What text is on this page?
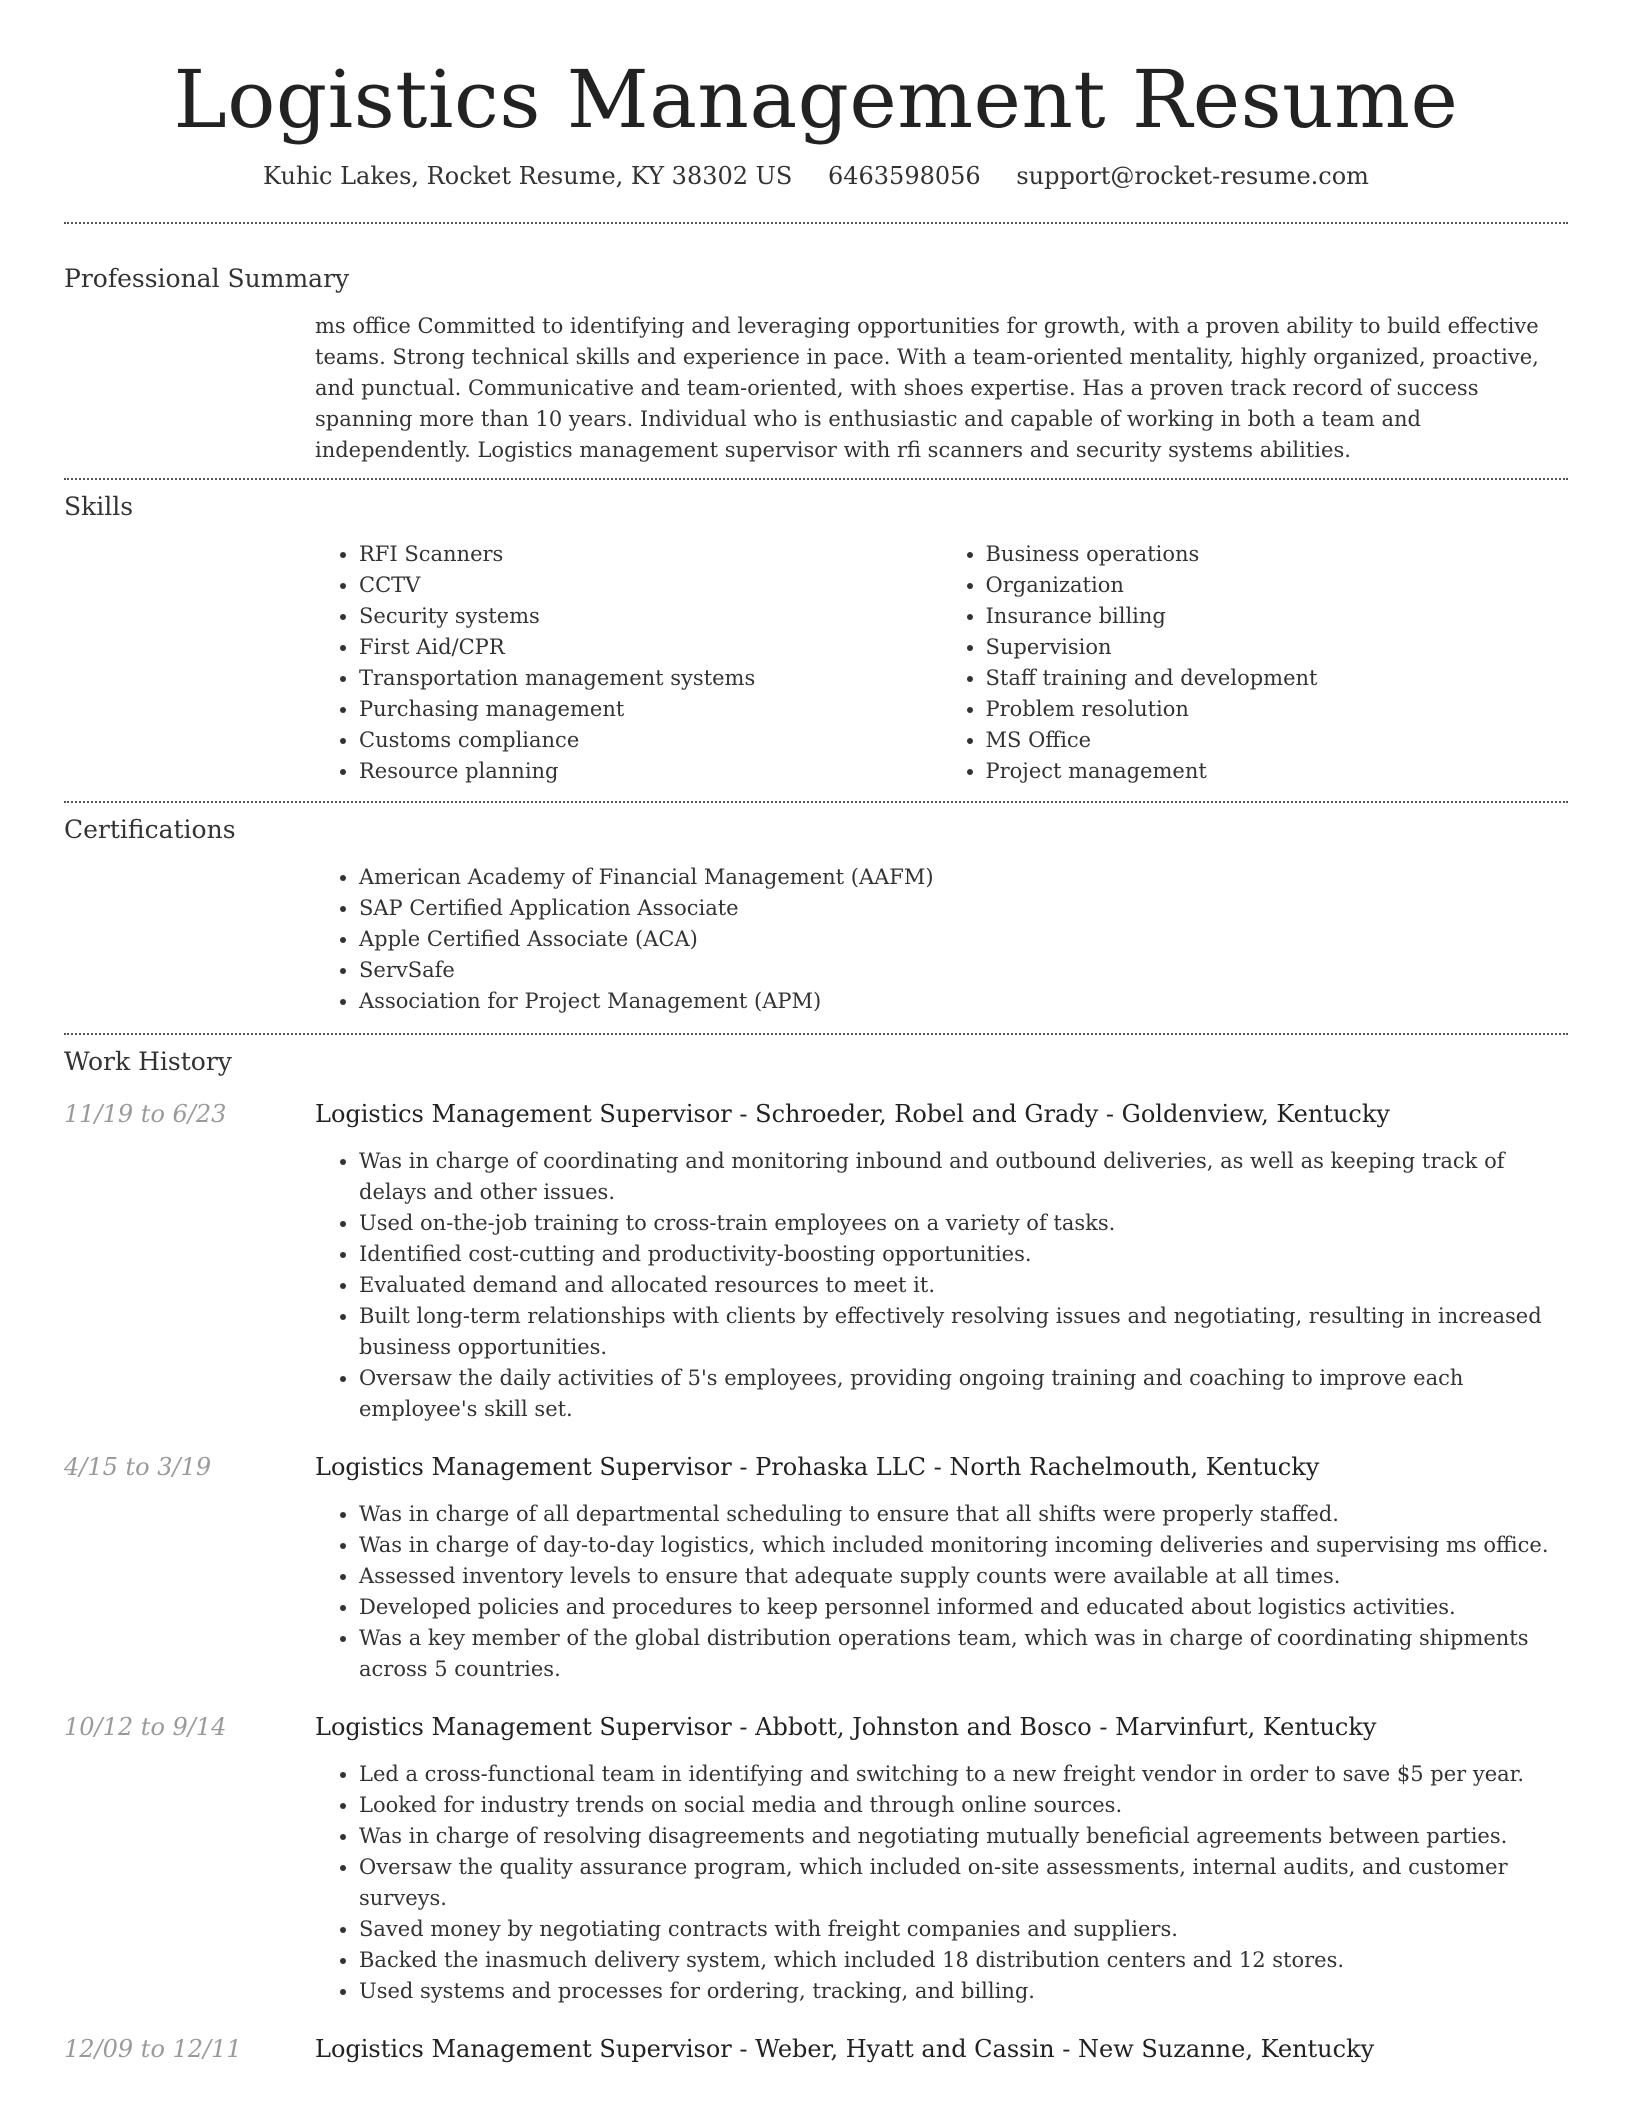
Logistics Management Resume
Kuhic Lakes, Rocket Resume, KY 38302 US 6463598056 support@rocket-resume.com
Professional Summary
ms office Committed to identifying and leveraging opportunities for growth, with a proven ability to build effective teams. Strong technical skills and experience in pace. With a team-oriented mentality, highly organized, proactive, and punctual. Communicative and team-oriented, with shoes expertise. Has a proven track record of success spanning more than 10 years. Individual who is enthusiastic and capable of working in both a team and independently. Logistics management supervisor with rfi scanners and security systems abilities.
Skills
• RFI Scanners
• CCTV
• Security systems
• First Aid/CPR
• Transportation management systems
• Purchasing management
• Customs compliance
• Resource planning
• Business operations
• Organization
• Insurance billing
• Supervision
• Staff training and development
• Problem resolution
• MS Office
• Project management
Certifications
• American Academy of Financial Management (AAFM)
• SAP Certified Application Associate
• Apple Certified Associate (ACA)
• ServSafe
• Association for Project Management (APM)
Work History
11/19 to 6/23	Logistics Management Supervisor - Schroeder, Robel and Grady - Goldenview, Kentucky
• Was in charge of coordinating and monitoring inbound and outbound deliveries, as well as keeping track of delays and other issues.
• Used on-the-job training to cross-train employees on a variety of tasks.
• Identified cost-cutting and productivity-boosting opportunities.
• Evaluated demand and allocated resources to meet it.
• Built long-term relationships with clients by effectively resolving issues and negotiating, resulting in increased business opportunities.
• Oversaw the daily activities of 5's employees, providing ongoing training and coaching to improve each employee's skill set.
4/15 to 3/19	Logistics Management Supervisor - Prohaska LLC - North Rachelmouth, Kentucky
• Was in charge of all departmental scheduling to ensure that all shifts were properly staffed.
• Was in charge of day-to-day logistics, which included monitoring incoming deliveries and supervising ms office.
• Assessed inventory levels to ensure that adequate supply counts were available at all times.
• Developed policies and procedures to keep personnel informed and educated about logistics activities.
• Was a key member of the global distribution operations team, which was in charge of coordinating shipments across 5 countries.
10/12 to 9/14	Logistics Management Supervisor - Abbott, Johnston and Bosco - Marvinfurt, Kentucky
• Led a cross-functional team in identifying and switching to a new freight vendor in order to save $5 per year.
• Looked for industry trends on social media and through online sources.
• Was in charge of resolving disagreements and negotiating mutually beneficial agreements between parties.
• Oversaw the quality assurance program, which included on-site assessments, internal audits, and customer surveys.
• Saved money by negotiating contracts with freight companies and suppliers.
• Backed the inasmuch delivery system, which included 18 distribution centers and 12 stores.
• Used systems and processes for ordering, tracking, and billing.
12/09 to 12/11	Logistics Management Supervisor - Weber, Hyatt and Cassin - New Suzanne, Kentucky
